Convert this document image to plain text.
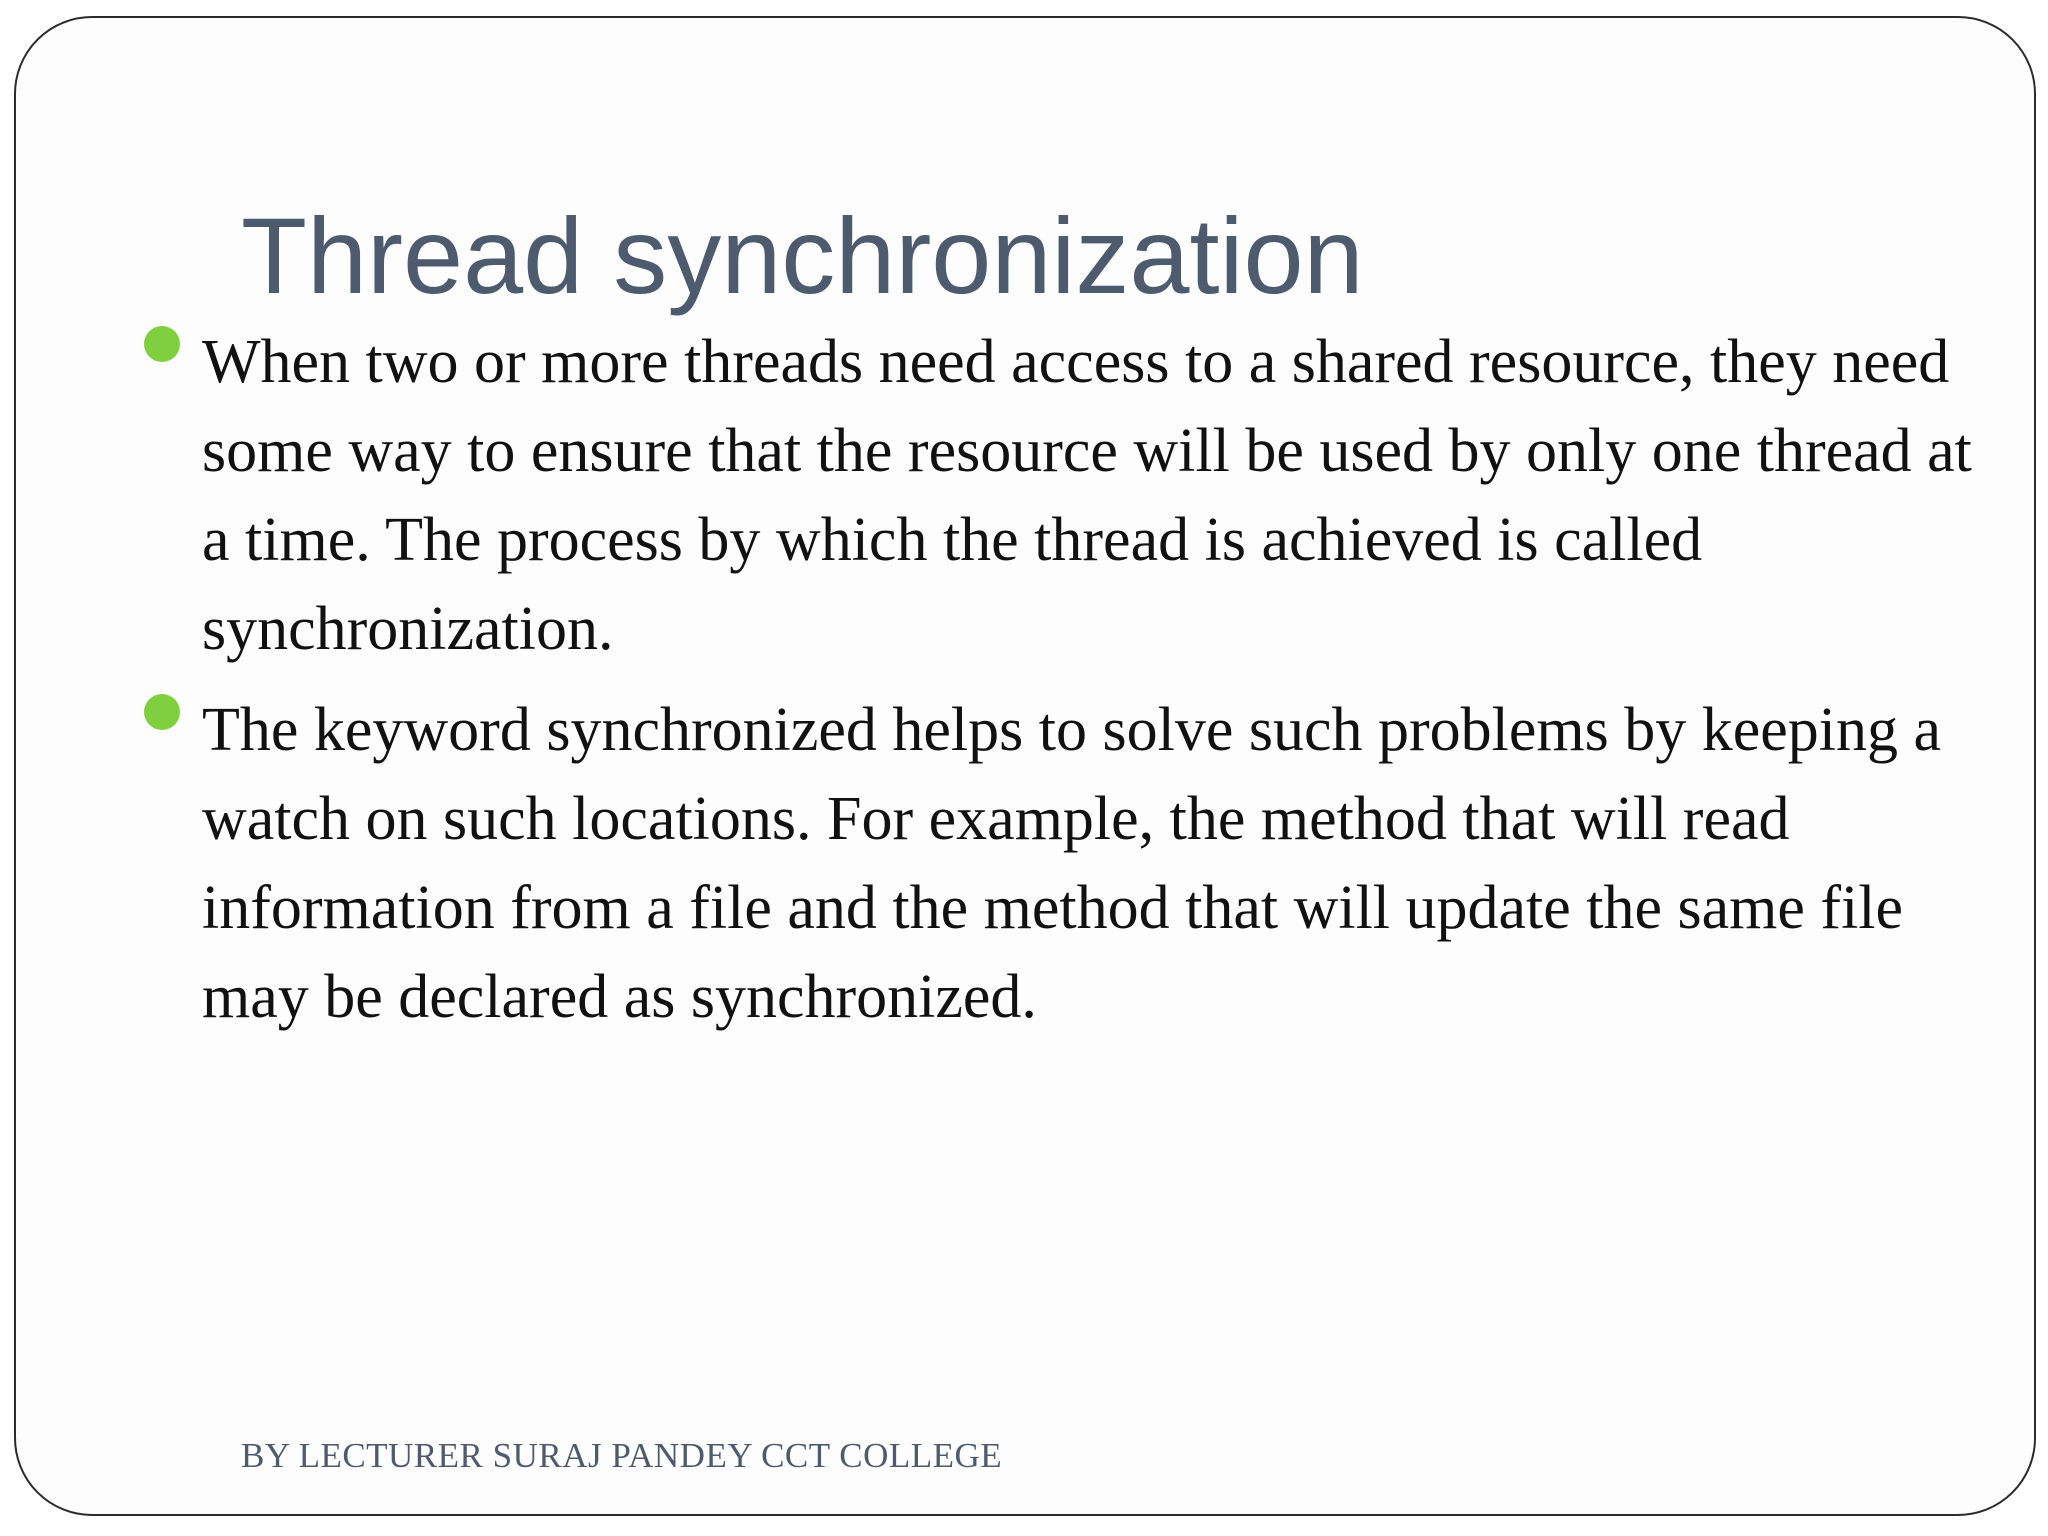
Thread synchronization
When two or more threads need access to a shared resource, they need some way to ensure that the resource will be used by only one thread at a time. The process by which the thread is achieved is called synchronization.
The keyword synchronized helps to solve such problems by keeping a watch on such locations. For example, the method that will read information from a file and the method that will update the same file may be declared as synchronized.

BY LECTURER SURAJ PANDEY CCT COLLEGE
